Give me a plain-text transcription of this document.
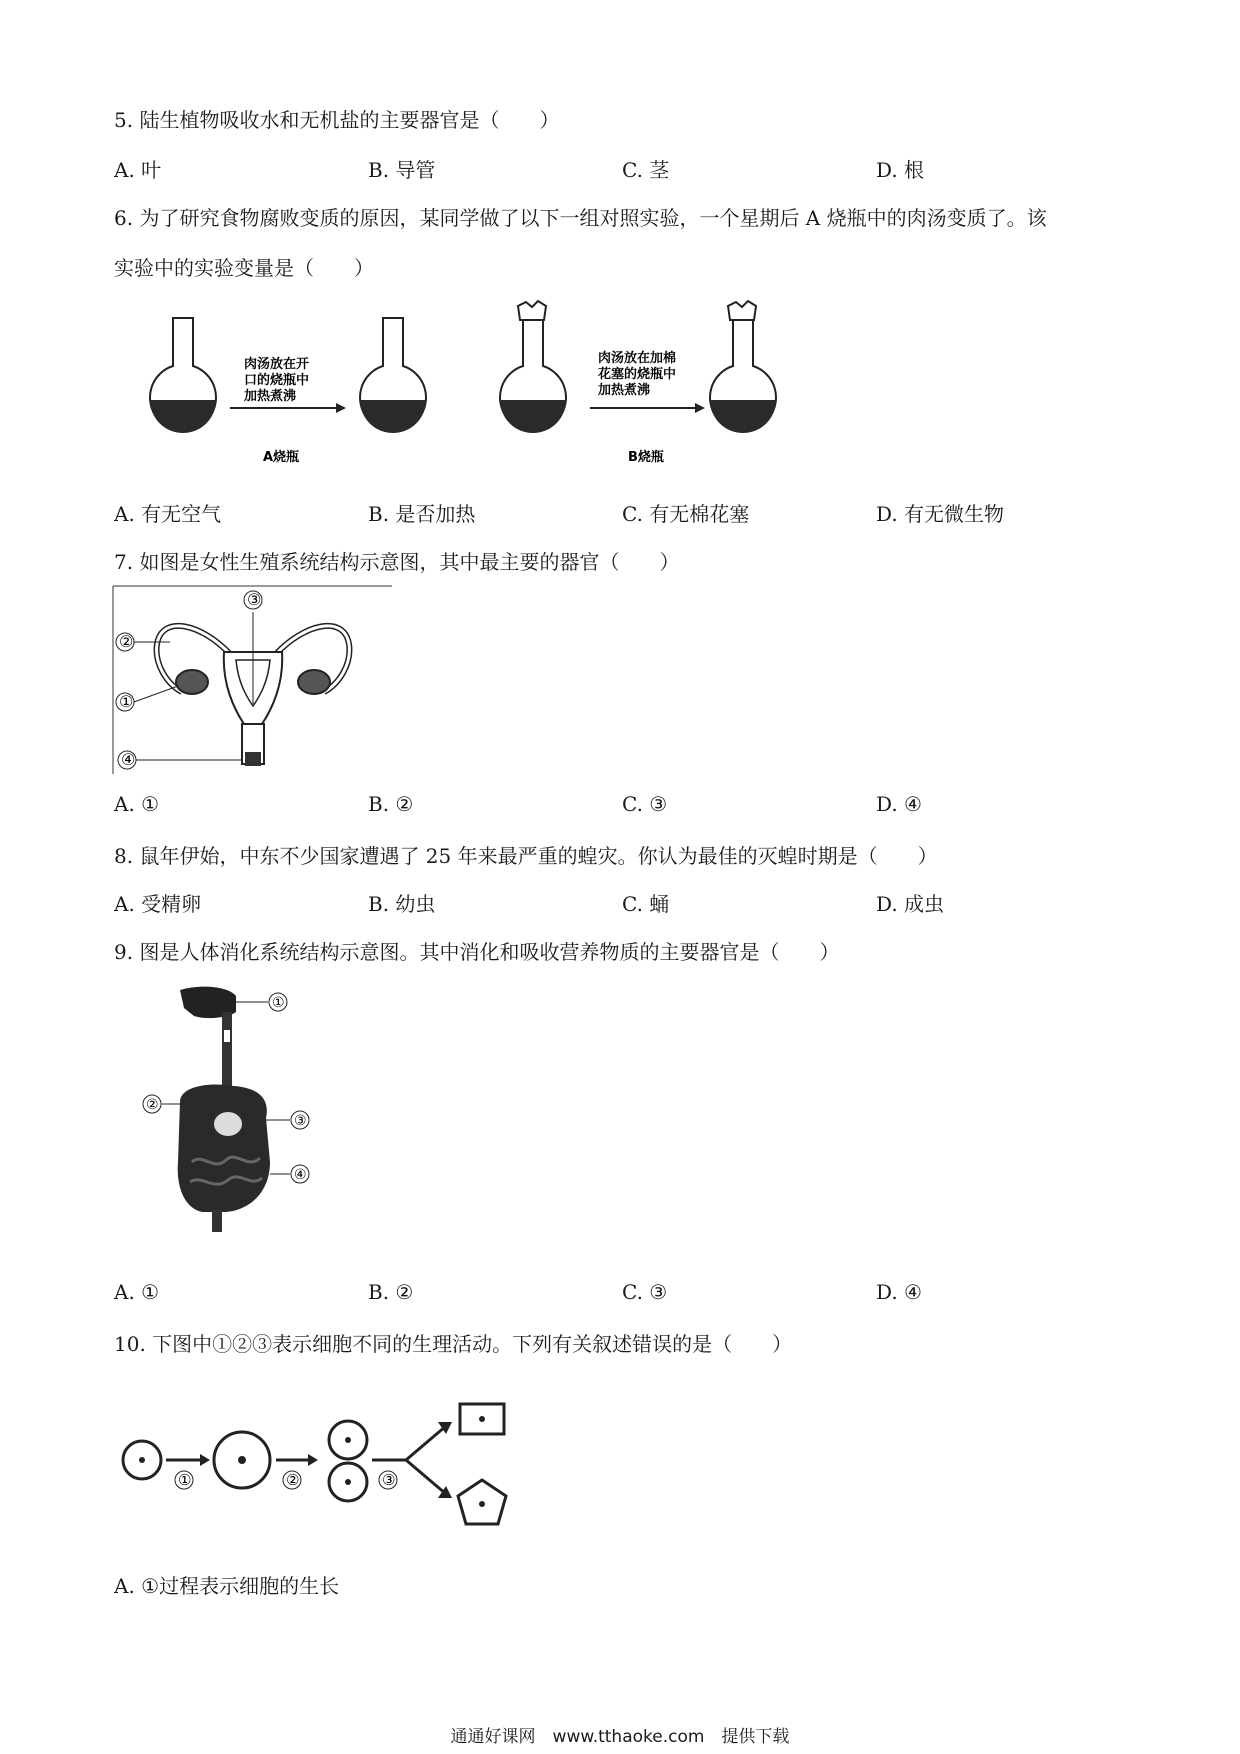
5. 陆生植物吸收水和无机盐的主要器官是（　　）
A. 叶	B. 导管	C. 茎	D. 根
6. 为了研究食物腐败变质的原因，某同学做了以下一组对照实验，一个星期后 A 烧瓶中的肉汤变质了。该
实验中的实验变量是（　　）
肉汤放在开
口的烧瓶中
加热煮沸
A烧瓶
肉汤放在加棉
花塞的烧瓶中
加热煮沸
B烧瓶
A. 有无空气	B. 是否加热	C. 有无棉花塞	D. 有无微生物
7. 如图是女性生殖系统结构示意图，其中最主要的器官（　　）
③
②
①
④
A. ①	B. ②	C. ③	D. ④
8. 鼠年伊始，中东不少国家遭遇了 25 年来最严重的蝗灾。你认为最佳的灭蝗时期是（　　）
A. 受精卵	B. 幼虫	C. 蛹	D. 成虫
9. 图是人体消化系统结构示意图。其中消化和吸收营养物质的主要器官是（　　）
①
②
③
④
A. ①	B. ②	C. ③	D. ④
10. 下图中①②③表示细胞不同的生理活动。下列有关叙述错误的是（　　）
①	②	③
A. ①过程表示细胞的生长
通通好课网　www.tthaoke.com　提供下载
